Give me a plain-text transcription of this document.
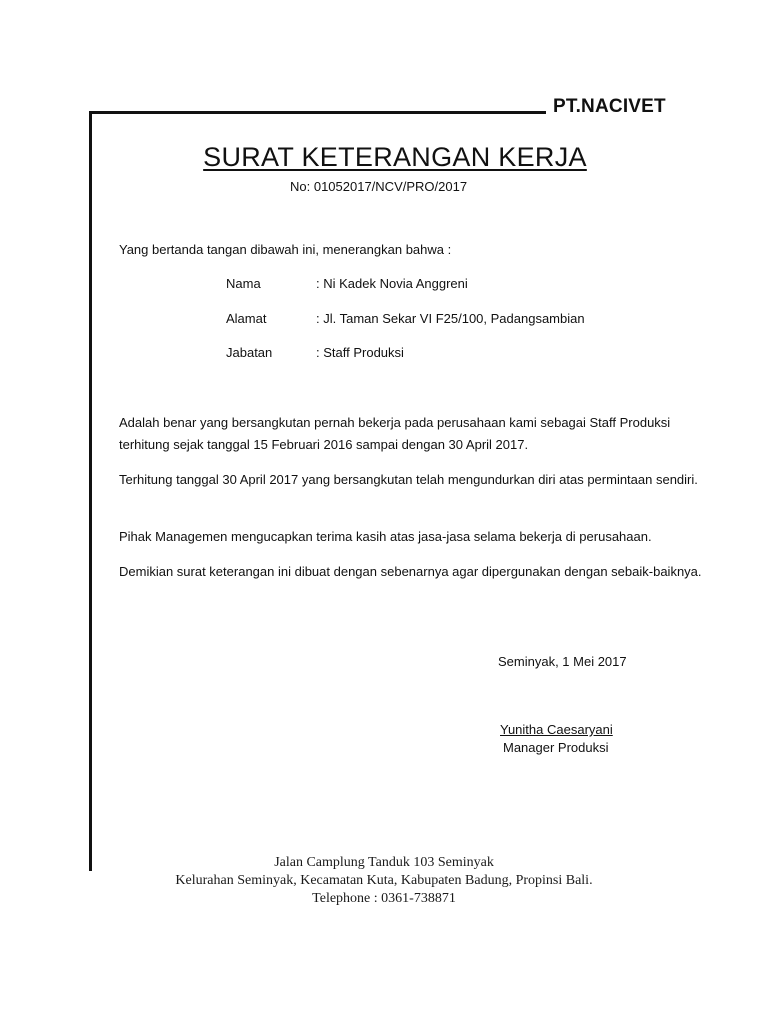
PT.NACIVET
SURAT KETERANGAN KERJA
No: 01052017/NCV/PRO/2017
Yang bertanda tangan dibawah ini, menerangkan bahwa :
Nama	: Ni Kadek Novia Anggreni
Alamat	: Jl. Taman Sekar VI F25/100, Padangsambian
Jabatan	: Staff Produksi
Adalah benar yang bersangkutan pernah bekerja pada perusahaan kami sebagai Staff Produksi terhitung sejak tanggal 15 Februari 2016 sampai dengan 30 April 2017.
Terhitung tanggal 30 April 2017 yang bersangkutan telah mengundurkan diri atas permintaan sendiri.
Pihak Managemen mengucapkan terima kasih atas jasa-jasa selama bekerja di perusahaan.
Demikian surat keterangan ini dibuat dengan sebenarnya agar dipergunakan dengan sebaik-baiknya.
Seminyak, 1 Mei 2017
Yunitha Caesaryani
Manager Produksi
Jalan Camplung Tanduk 103 Seminyak
Kelurahan Seminyak, Kecamatan Kuta, Kabupaten Badung, Propinsi Bali.
Telephone : 0361-738871
